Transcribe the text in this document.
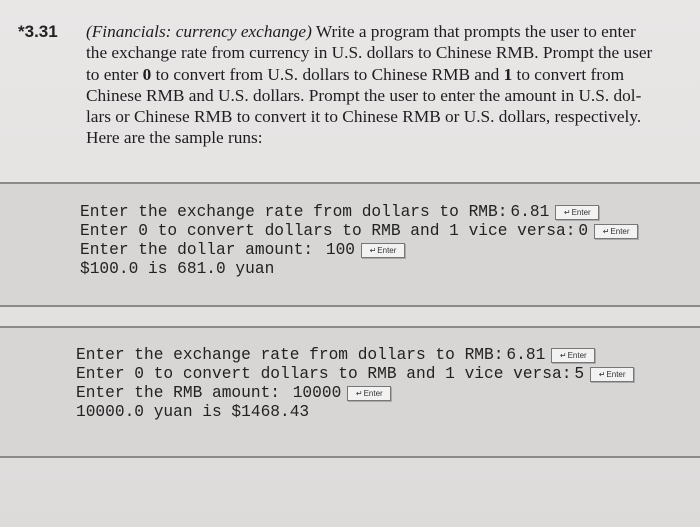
*3.31 (Financials: currency exchange) Write a program that prompts the user to enter

the exchange rate from currency in U.S. dollars to Chinese RMB. Prompt the user

to enter 0 to convert from U.S. dollars to Chinese RMB and 1 to convert from

Chinese RMB and U.S. dollars. Prompt the user to enter the amount in U.S. dol-

lars or Chinese RMB to convert it to Chinese RMB or U.S. dollars, respectively.

Here are the sample runs:

Enter the exchange rate from dollars to RMB: 6.81 ↵ Enter
Enter 0 to convert dollars to RMB and 1 vice versa: 0 ↵ Enter
Enter the dollar amount: 100 ↵ Enter
$100.0 is 681.0 yuan
Enter the exchange rate from dollars to RMB: 6.81 ↵ Enter
Enter 0 to convert dollars to RMB and 1 vice versa: 5 ↵ Enter
Enter the RMB amount: 10000 ↵ Enter
10000.0 yuan is $1468.43
